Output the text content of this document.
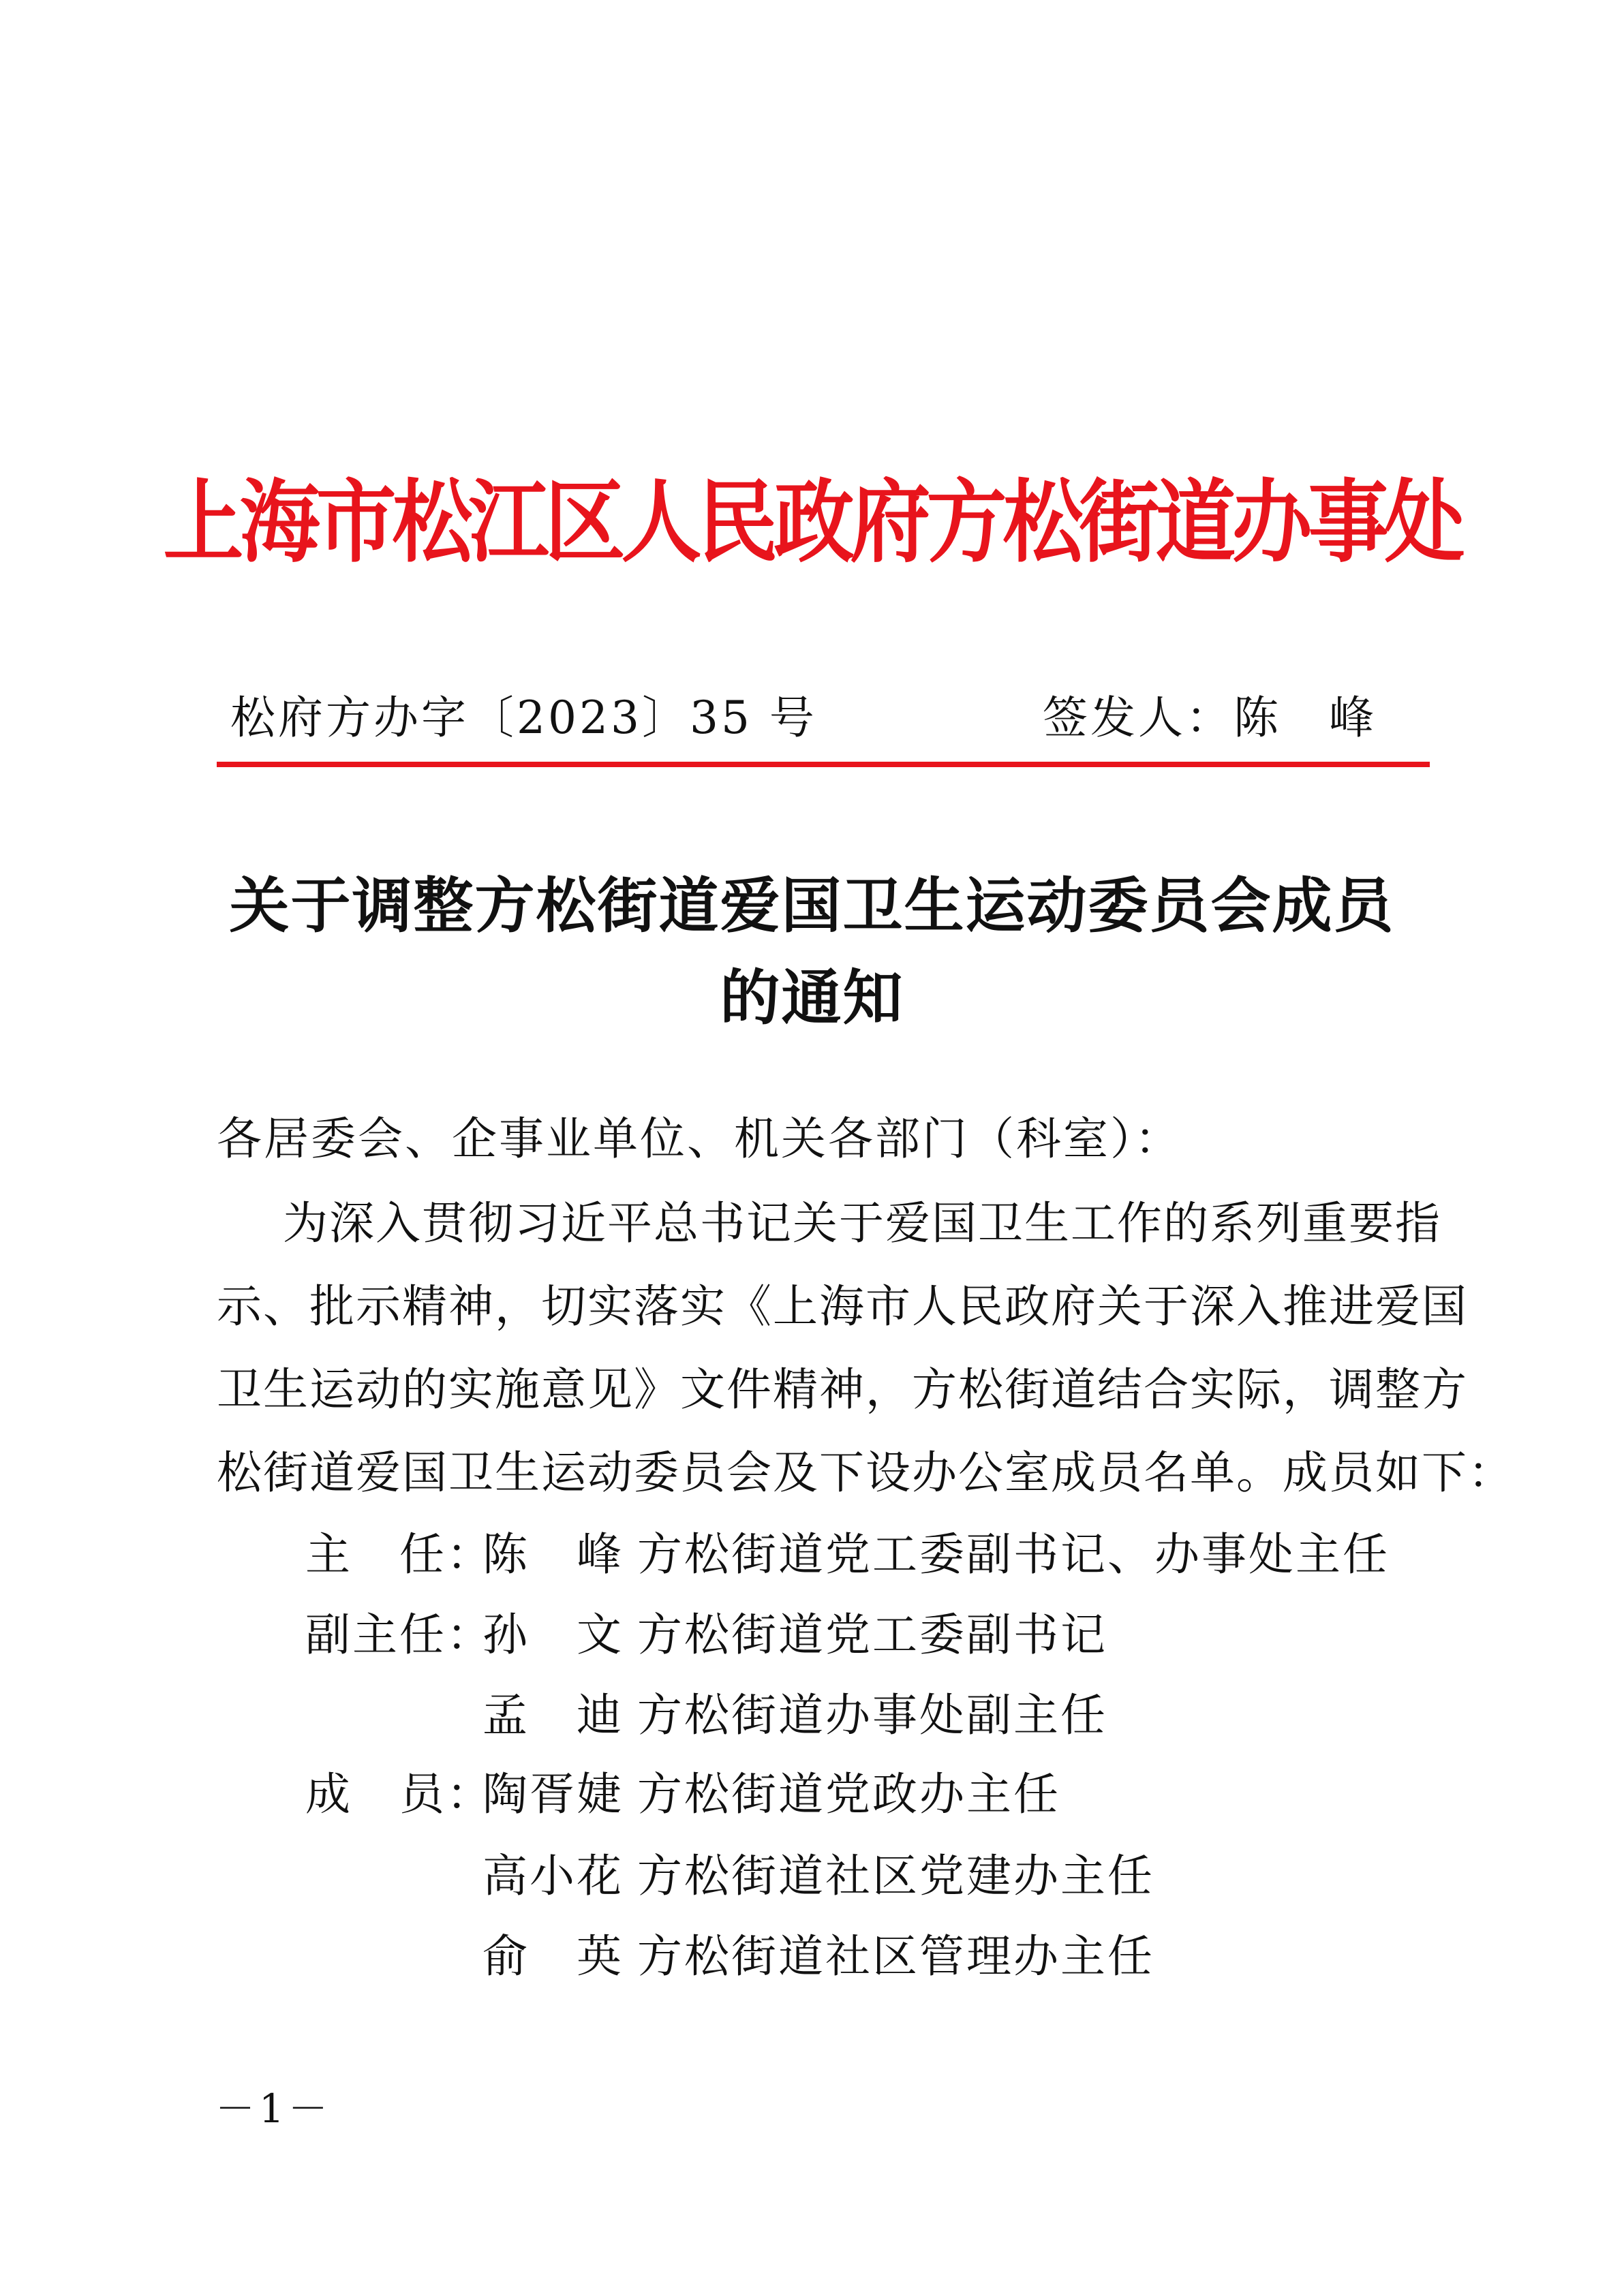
上海市松江区人民政府方松街道办事处
松府方办字〔2023〕35 号	签发人：陈　峰
关于调整方松街道爱国卫生运动委员会成员
的通知
各居委会、企事业单位、机关各部门（科室）：
为深入贯彻习近平总书记关于爱国卫生工作的系列重要指
示、批示精神，切实落实《上海市人民政府关于深入推进爱国
卫生运动的实施意见》文件精神，方松街道结合实际，调整方
松街道爱国卫生运动委员会及下设办公室成员名单。成员如下：
主　任：
陈　峰 方松街道党工委副书记、办事处主任
副主任：
孙　文 方松街道党工委副书记
孟　迪 方松街道办事处副主任
成　员：
陶胥婕 方松街道党政办主任
高小花 方松街道社区党建办主任
俞　英 方松街道社区管理办主任
－1－
